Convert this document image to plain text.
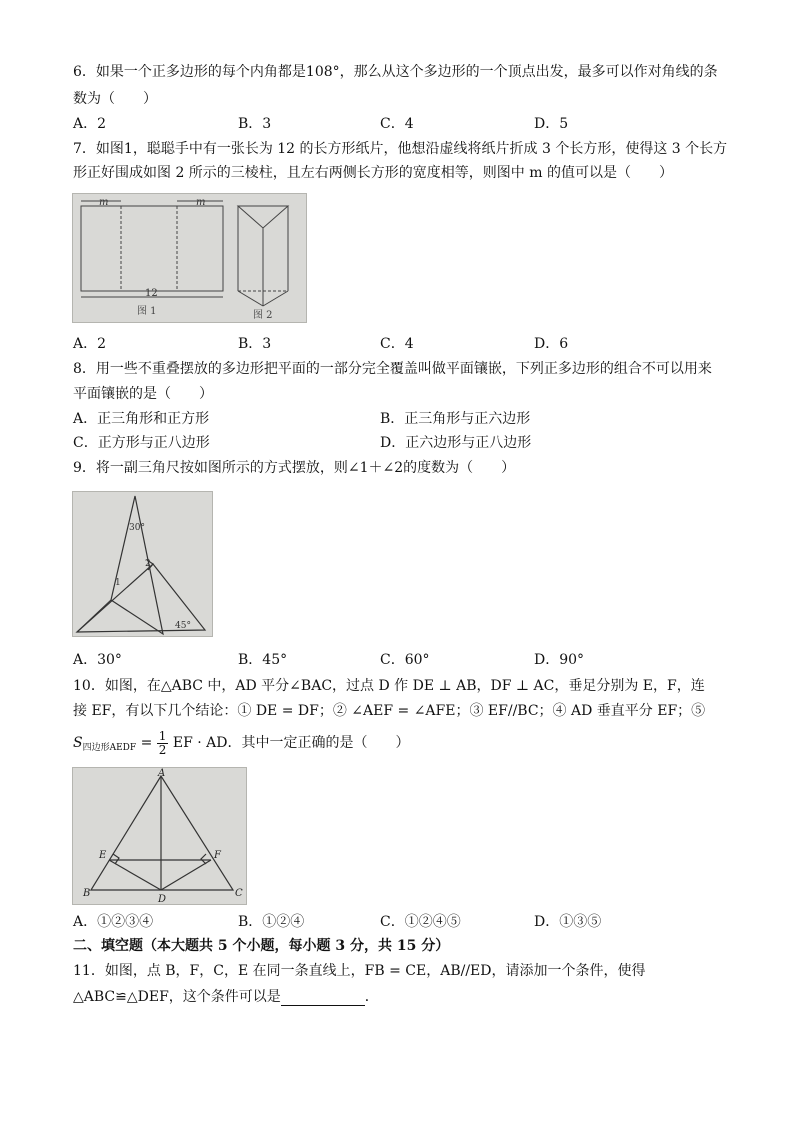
6．如果一个正多边形的每个内角都是108°，那么从这个多边形的一个顶点出发，最多可以作对角线的条
数为（　　）
A．2	B．3	C．4	D．5
7．如图1，聪聪手中有一张长为 12 的长方形纸片，他想沿虚线将纸片折成 3 个长方形，使得这 3 个长方
形正好围成如图 2 所示的三棱柱，且左右两侧长方形的宽度相等，则图中 m 的值可以是（　　）
m	m
12
图 1	图 2
A．2	B．3	C．4	D．6
8．用一些不重叠摆放的多边形把平面的一部分完全覆盖叫做平面镶嵌，下列正多边形的组合不可以用来
平面镶嵌的是（　　）
A．正三角形和正方形	B．正三角形与正六边形
C．正方形与正八边形	D．正六边形与正八边形
9．将一副三角尺按如图所示的方式摆放，则∠1＋∠2的度数为（　　）
30°
1
2
45°
A．30°	B．45°	C．60°	D．90°
10．如图，在△ABC 中，AD 平分∠BAC，过点 D 作 DE ⊥ AB，DF ⊥ AC，垂足分别为 E，F，连
接 EF，有以下几个结论：① DE = DF；② ∠AEF = ∠AFE；③ EF//BC；④ AD 垂直平分 EF；⑤
$S_{四边形AEDF} = \frac{1}{2}$ EF · AD．其中一定正确的是（　　）
A
B	C
D
E	F
A．①②③④	B．①②④	C．①②④⑤	D．①③⑤
二、填空题（本大题共 5 个小题，每小题 3 分，共 15 分）
11．如图，点 B，F，C，E 在同一条直线上，FB = CE，AB//ED，请添加一个条件，使得
△ABC≌△DEF，这个条件可以是	．
